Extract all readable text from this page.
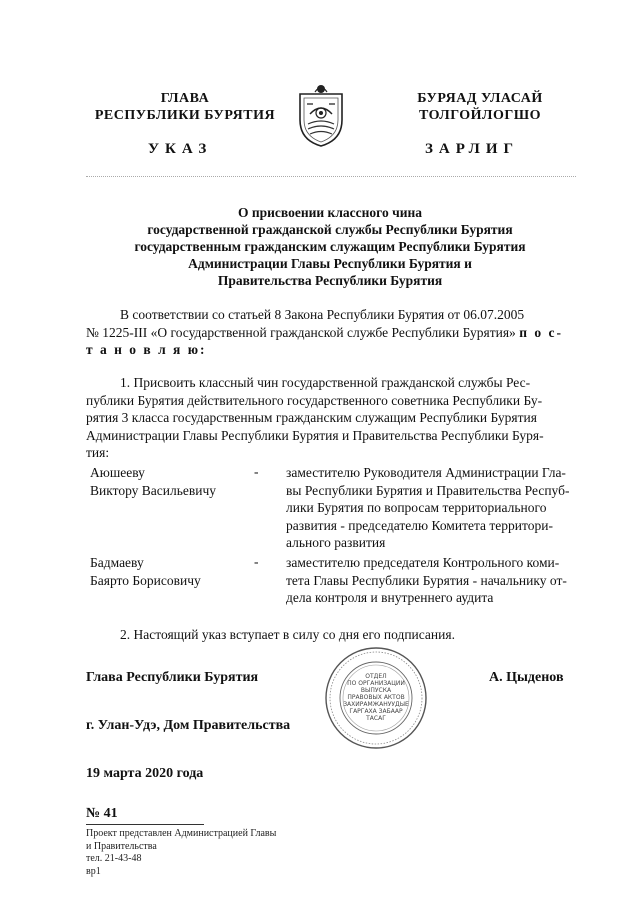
ГЛАВА
РЕСПУБЛИКИ БУРЯТИЯ
БУРЯАД УЛАСАЙ
ТОЛГОЙЛОГШО
УКАЗ	ЗАРЛИГ
О присвоении классного чина
государственной гражданской службы Республики Бурятия
государственным гражданским служащим Республики Бурятия
Администрации Главы Республики Бурятия и
Правительства Республики Бурятия
В соответствии со статьей 8 Закона Республики Бурятия от 06.07.2005
№ 1225-III «О государственной гражданской службе Республики Бурятия» п о с-
т а н о в л я ю:
1. Присвоить классный чин государственной гражданской службы Рес-
публики Бурятия действительного государственного советника Республики Бу-
рятия 3 класса государственным гражданским служащим Республики Бурятия
Администрации Главы Республики Бурятия и Правительства Республики Буря-
тия:
Аюшееву
Виктору Васильевичу
- заместителю Руководителя Администрации Гла-
вы Республики Бурятия и Правительства Респуб-
лики Бурятия по вопросам территориального
развития - председателю Комитета территори-
ального развития
Бадмаеву
Баярто Борисовичу
- заместителю председателя Контрольного коми-
тета Главы Республики Бурятия - начальнику от-
дела контроля и внутреннего аудита
2. Настоящий указ вступает в силу со дня его подписания.
Глава Республики Бурятия	А. Цыденов
ОТДЕЛ
ПО ОРГАНИЗАЦИИ
ВЫПУСКА
ПРАВОВЫХ АКТОВ
ЗАХИРАМЖАНУУДЫЕ
ГАРГАХА ЗАБААР
ТАСАГ
г. Улан-Удэ, Дом Правительства
19 марта 2020 года
№ 41
Проект представлен Администрацией Главы
и Правительства
тел. 21-43-48
вр1
